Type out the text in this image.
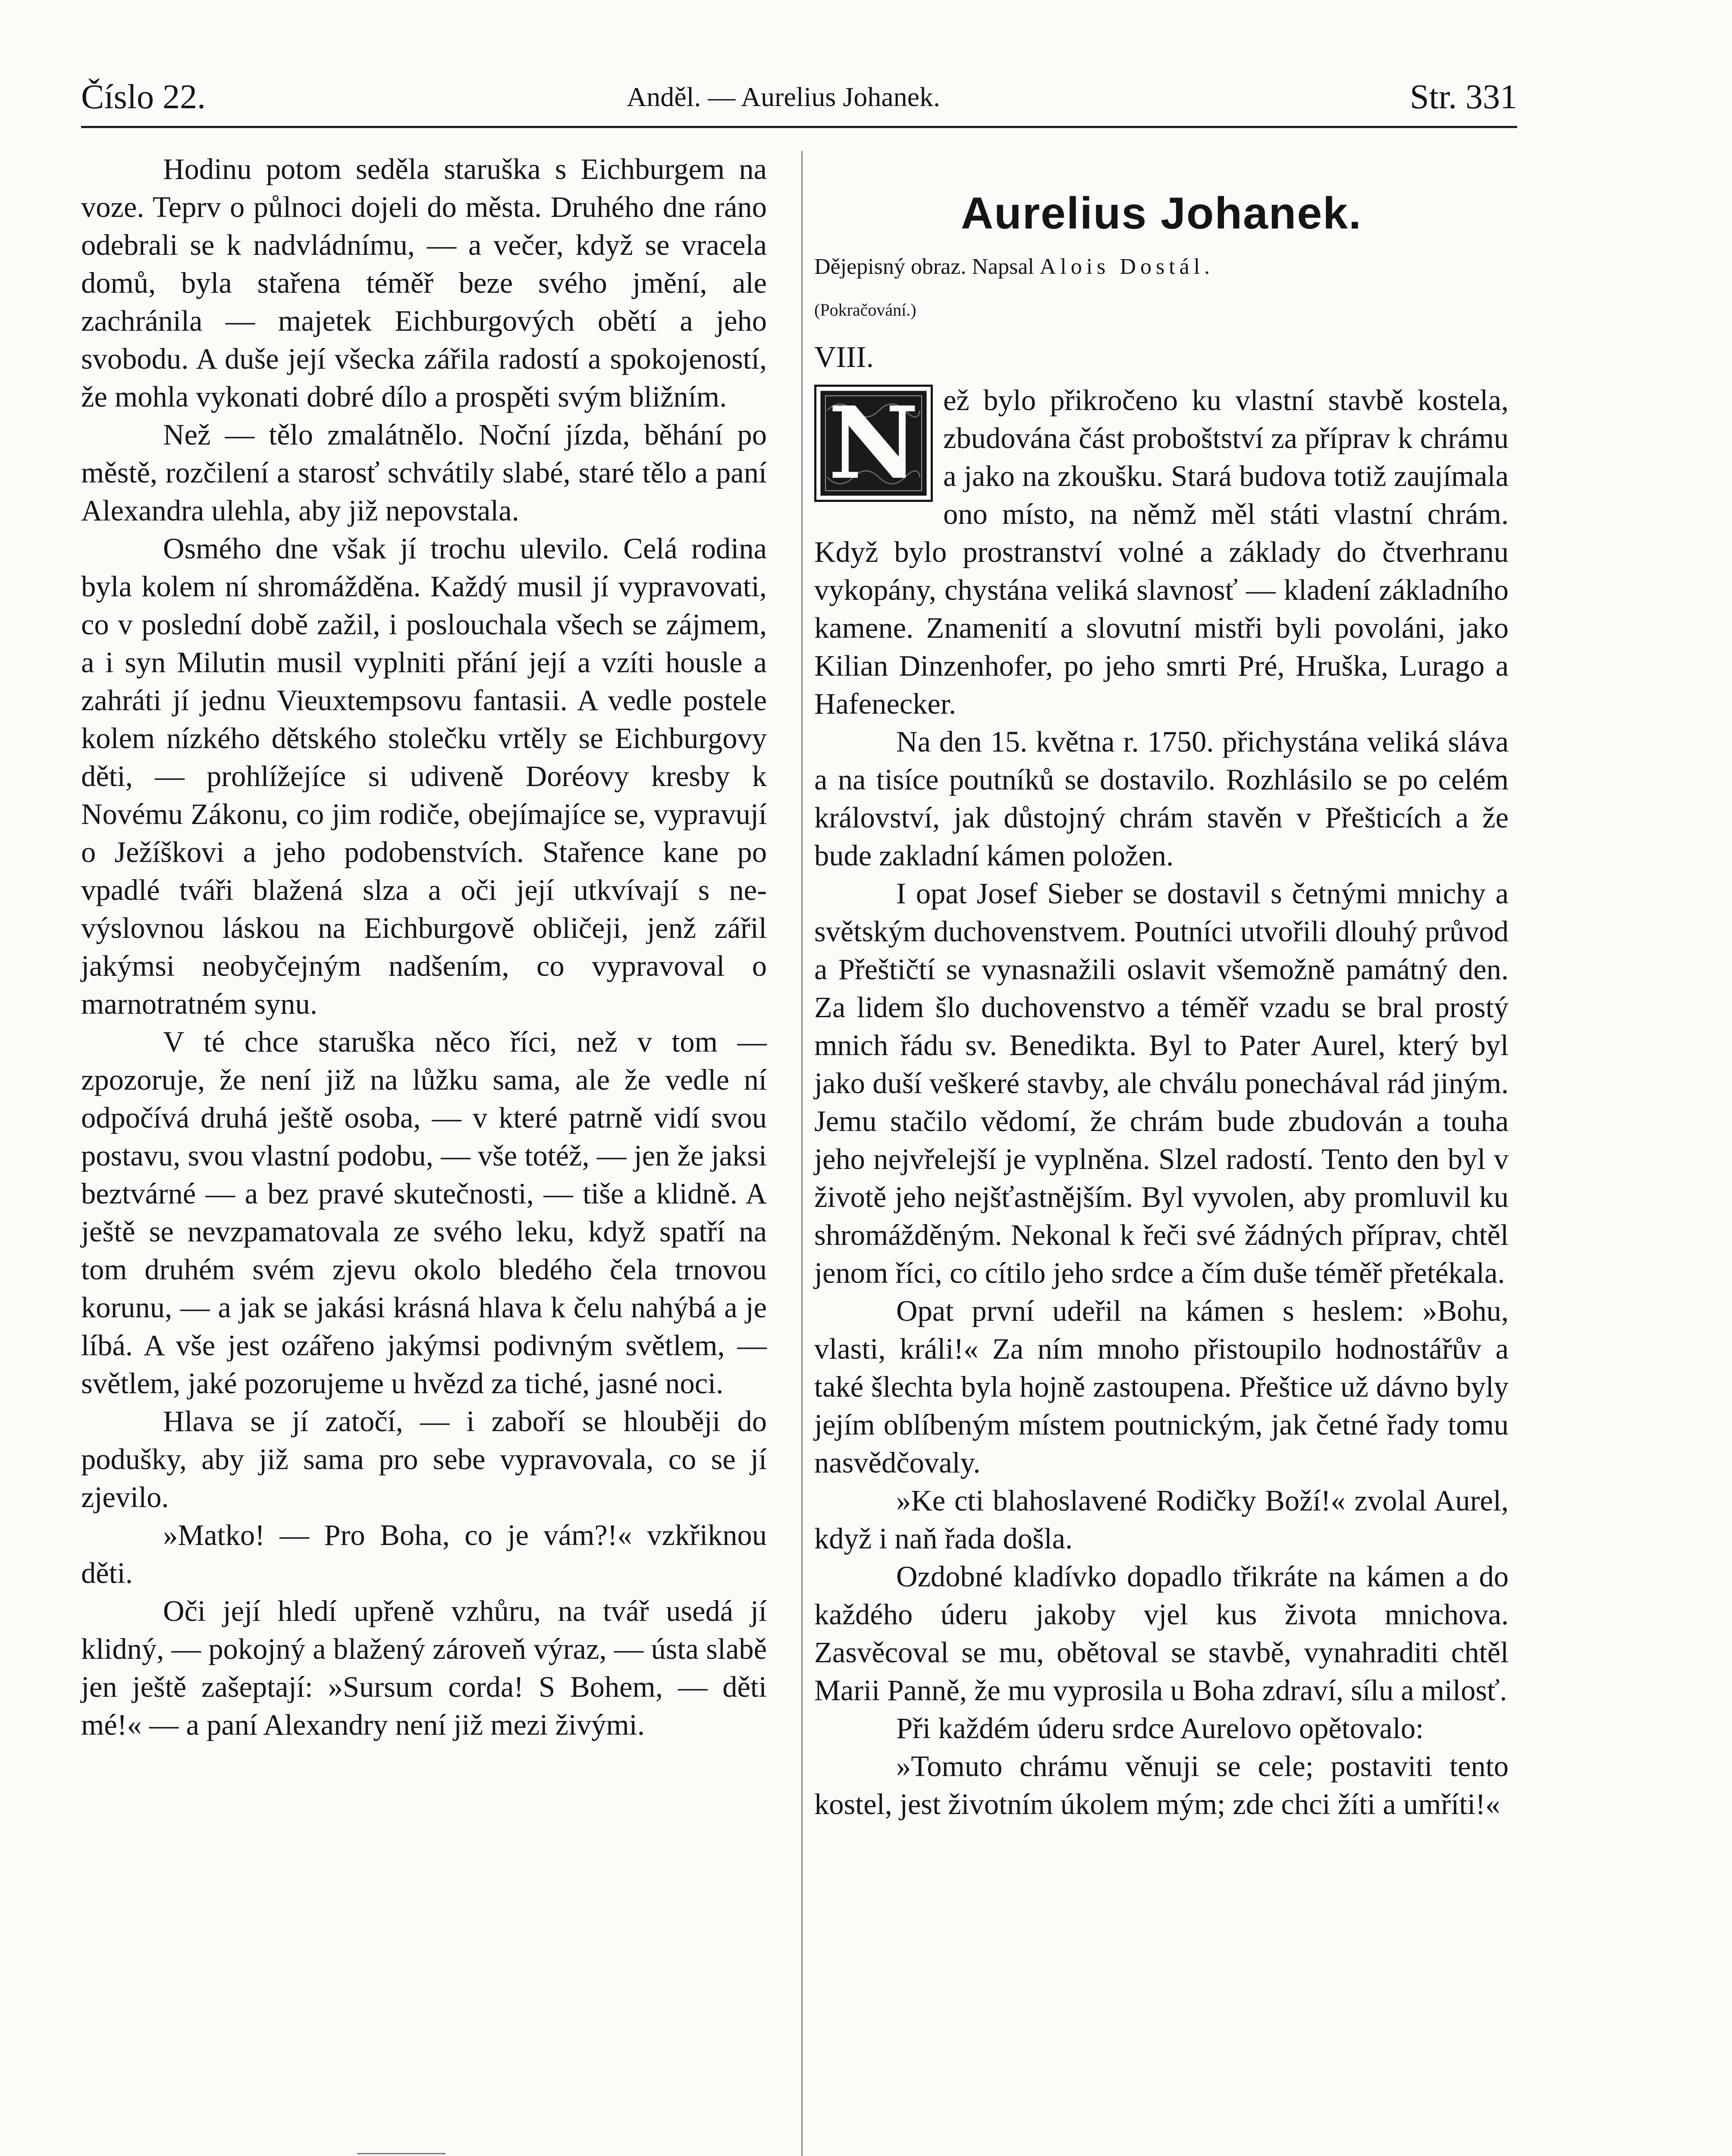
Číslo 22.	Anděl. — Aurelius Johanek.	Str. 331

Hodinu potom seděla staruška s Eichburgem na voze. Teprv o půlnoci dojeli do města. Druhého dne ráno odebrali se k nadvládnímu, — a večer, když se vracela domů, byla stařena téměř beze svého jmění, ale zachránila — majetek Eichburgových obětí a jeho svobodu. A duše její všecka zářila radostí a spokojeností, že mohla vykonati dobré dílo a prospěti svým bližním.

Než — tělo zmalátnělo. Noční jízda, běhání po městě, rozčilení a starosť schvátily slabé, staré tělo a paní Alexandra ulehla, aby již nepovstala.

Osmého dne však jí trochu ulevilo. Celá rodina byla kolem ní shromážděna. Každý musil jí vypravovati, co v poslední době zažil, i poslouchala všech se zájmem, a i syn Milutin musil vyplniti přání její a vzíti housle a zahráti jí jednu Vieuxtempsovu fantasii. A vedle postele kolem nízkého dětského stolečku vrtěly se Eichburgovy děti, — prohlížejíce si udiveně Doréovy kresby k Novému Zákonu, co jim rodiče, obejímajíce se, vypravují o Ježíškovi a jeho podobenstvích. Stařence kane po vpadlé tváři blažená slza a oči její utkvívají s nevýslovnou láskou na Eichburgově obličeji, jenž zářil jakýmsi neobyčejným nadšením, co vypravoval o marnotratném synu.

V té chce staruška něco říci, než v tom — zpozoruje, že není již na lůžku sama, ale že vedle ní odpočívá druhá ještě osoba, — v které patrně vidí svou postavu, svou vlastní podobu, — vše totéž, — jen že jaksi beztvárné — a bez pravé skutečnosti, — tiše a klidně. A ještě se nevzpamatovala ze svého leku, když spatří na tom druhém svém zjevu okolo bledého čela trnovou korunu, — a jak se jakási krásná hlava k čelu nahýbá a je líbá. A vše jest ozářeno jakýmsi podivným světlem, — světlem, jaké pozorujeme u hvězd za tiché, jasné noci.

Hlava se jí zatočí, — i zaboří se hlouběji do podušky, aby již sama pro sebe vypravovala, co se jí zjevilo.

»Matko! — Pro Boha, co je vám?!« vzkřiknou děti.

Oči její hledí upřeně vzhůru, na tvář usedá jí klidný, — pokojný a blažený zároveň výraz, — ústa slabě jen ještě zašeptají: »Sursum corda! S Bohem, — děti mé!« — a paní Alexandry není již mezi živými.

Aurelius Johanek.

Dějepisný obraz. Napsal Alois Dostál.

(Pokračování.)

VIII.

N ež bylo přikročeno ku vlastní stavbě kostela, zbudována část proboštství za příprav k chrámu a jako na zkoušku. Stará budova totiž zaujímala ono místo, na němž měl státi vlastní chrám. Když bylo prostranství volné a základy do čtverhranu vykopány, chystána veliká slavnosť — kladení základního kamene. Znamenití a slovutní mistři byli povoláni, jako Kilian Dinzenhofer, po jeho smrti Pré, Hruška, Lurago a Hafenecker.

Na den 15. května r. 1750. přichystána veliká sláva a na tisíce poutníků se dostavilo. Rozhlásilo se po celém království, jak důstojný chrám stavěn v Přešticích a že bude zakladní kámen položen.

I opat Josef Sieber se dostavil s četnými mnichy a světským duchovenstvem. Poutníci utvořili dlouhý průvod a Přeštičtí se vynasnažili oslavit všemožně památný den. Za lidem šlo duchovenstvo a téměř vzadu se bral prostý mnich řádu sv. Benedikta. Byl to Pater Aurel, který byl jako duší veškeré stavby, ale chválu ponechával rád jiným. Jemu stačilo vědomí, že chrám bude zbudován a touha jeho nejvřelejší je vyplněna. Slzel radostí. Tento den byl v životě jeho nejšťastnějším. Byl vyvolen, aby promluvil ku shromážděným. Nekonal k řeči své žádných příprav, chtěl jenom říci, co cítilo jeho srdce a čím duše téměř přetékala.

Opat první udeřil na kámen s heslem: »Bohu, vlasti, králi!« Za ním mnoho přistoupilo hodnostářův a také šlechta byla hojně zastoupena. Přeštice už dávno byly jejím oblíbeným místem poutnickým, jak četné řady tomu nasvědčovaly.

»Ke cti blahoslavené Rodičky Boží!« zvolal Aurel, když i naň řada došla.

Ozdobné kladívko dopadlo třikráte na kámen a do každého úderu jakoby vjel kus života mnichova. Zasvěcoval se mu, obětoval se stavbě, vynahraditi chtěl Marii Panně, že mu vyprosila u Boha zdraví, sílu a milosť.

Při každém úderu srdce Aurelovo opětovalo:

»Tomuto chrámu věnuji se cele; postaviti tento kostel, jest životním úkolem mým; zde chci žíti a umříti!«
